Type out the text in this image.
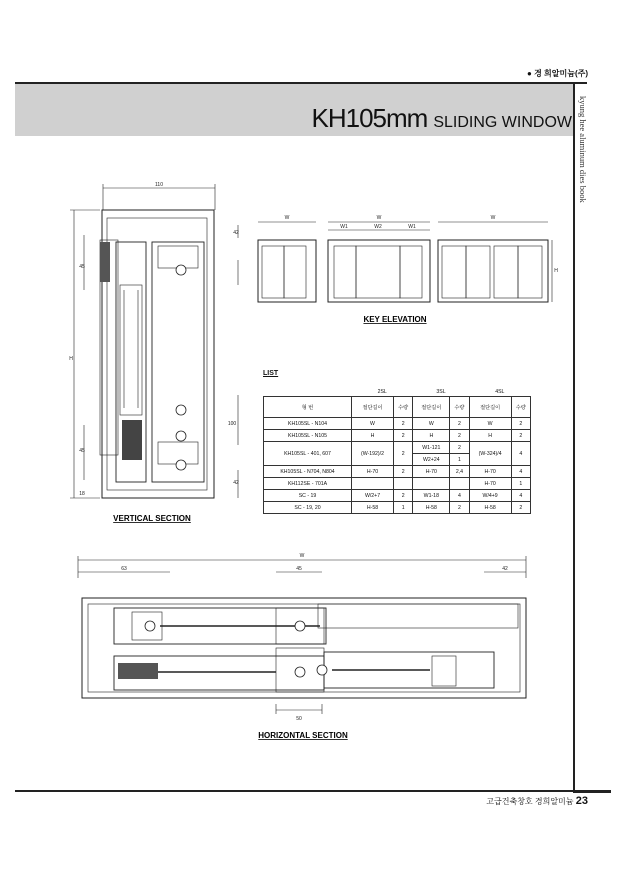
● 경 희알미늄(주)
KH105mm SLIDING WINDOW kyung hee aluminum dies book
110
42
45
H
100
45
42
18
VERTICAL SECTION
W	W
W1	W2	W1
W
H
KEY ELEVATION
LIST
	2SL		3SL		4SL	
형 번	절단길이	수량	절단길이	수량	절단길이	수량
KH105SL - N104	W	2	W	2	W	2
KH105SL - N105	H	2	H	2	H	2
KH105SL - 401, 607	(W-192)/2	2	W1-121	2	(W-324)/4	4
			W2+24	1		
KH105SL - N704, N804	H-70	2	H-70	2,4	H-70	4
KH112SE - 701A					H-70	1
SC - 19	W/2+7	2	W1-18	4	W/4+9	4
SC - 19, 20	H-58	1	H-58	2	H-58	2
W
63	45	42
50
HORIZONTAL SECTION
고급건축창호 경희알미늄 23
